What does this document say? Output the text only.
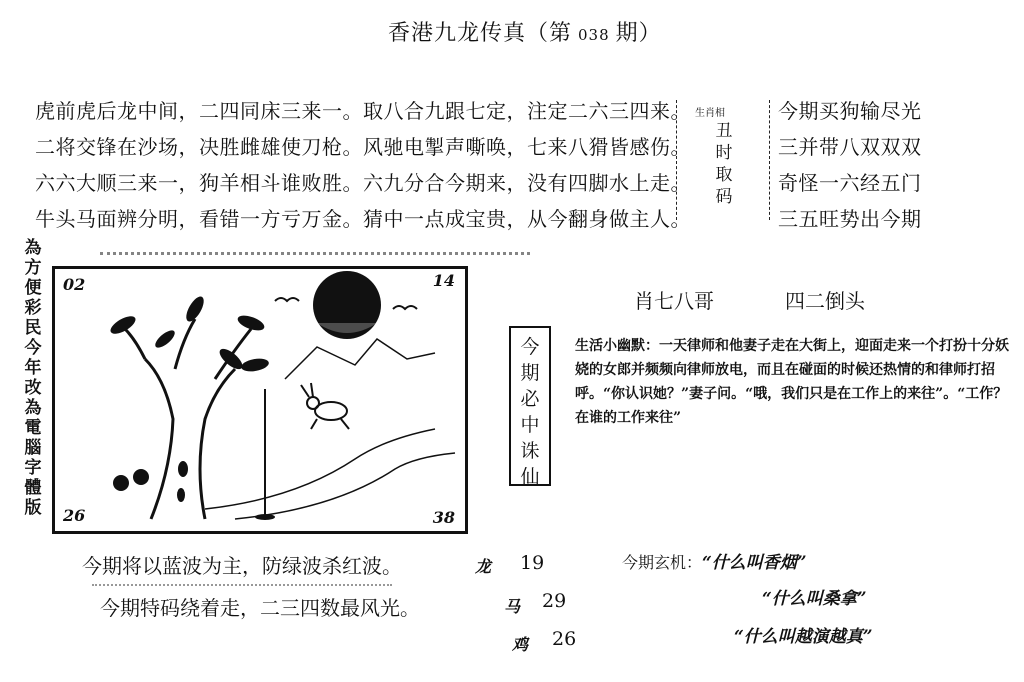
香港九龙传真（第 038 期）
虎前虎后龙中间，二四同床三来一。取八合九跟七定，注定二六三四来。
二将交锋在沙场，决胜雌雄使刀枪。风驰电掣声嘶唤，七来八猾皆感伤。
六六大顺三来一，狗羊相斗谁败胜。六九分合今期来，没有四脚水上走。
牛头马面辨分明，看错一方亏万金。猜中一点成宝贵，从今翻身做主人。
生肖相
丑时取码
今期买狗输尽光
三并带八双双双
奇怪一六经五门
三五旺势出今期
為方便彩民今年改為電腦字體版
02	14
26	38
肖七八哥	四二倒头
今期必中
诛仙
生活小幽默：一天律师和他妻子走在大街上，迎面走来一个打扮十分妖娆的女郎并频频向律师放电，而且在碰面的时候还热情的和律师打招呼。“你认识她？”妻子问。“哦，我们只是在工作上的来往”。“工作？在谁的工作来往”
今期将以蓝波为主，防绿波杀红波。
今期特码绕着走，二三四数最风光。
龙 19
马 29
鸡 26
今期玄机：“什么叫香烟”
“什么叫桑拿”
“什么叫越演越真”
